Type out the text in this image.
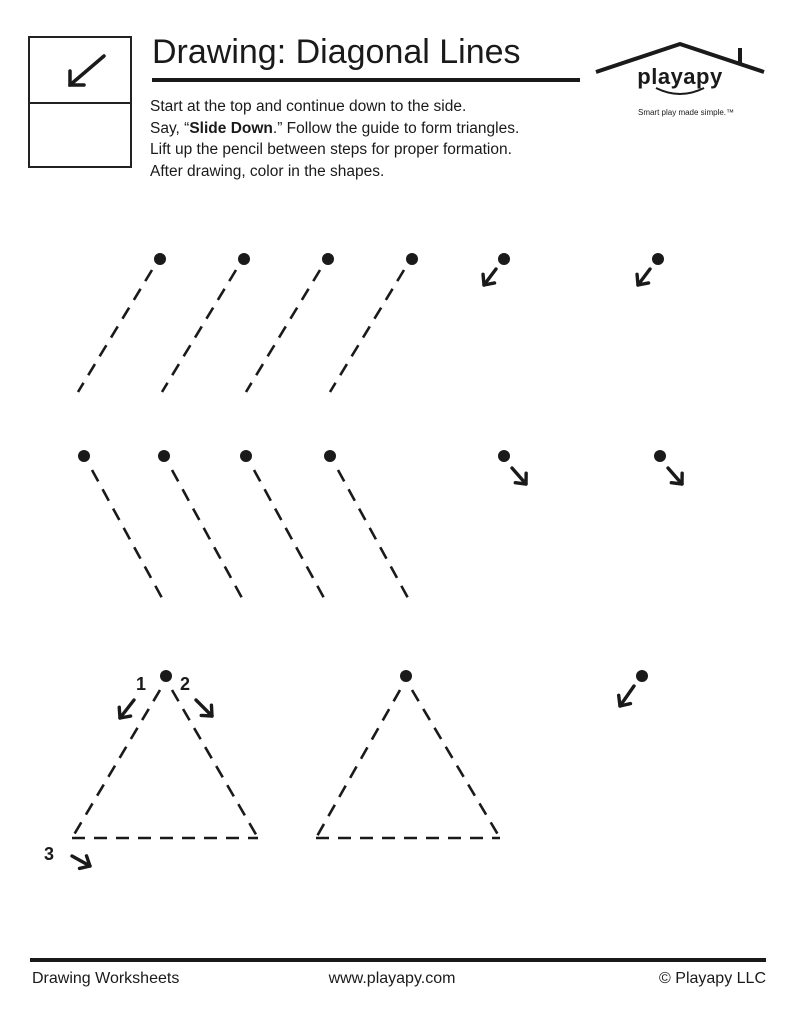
Drawing: Diagonal Lines
Start at the top and continue down to the side.
Say, “Slide Down.” Follow the guide to form triangles.
Lift up the pencil between steps for proper formation.
After drawing, color in the shapes.
playapy
Smart play made simple.™
1 2
3
Drawing Worksheets	www.playapy.com	© Playapy LLC
